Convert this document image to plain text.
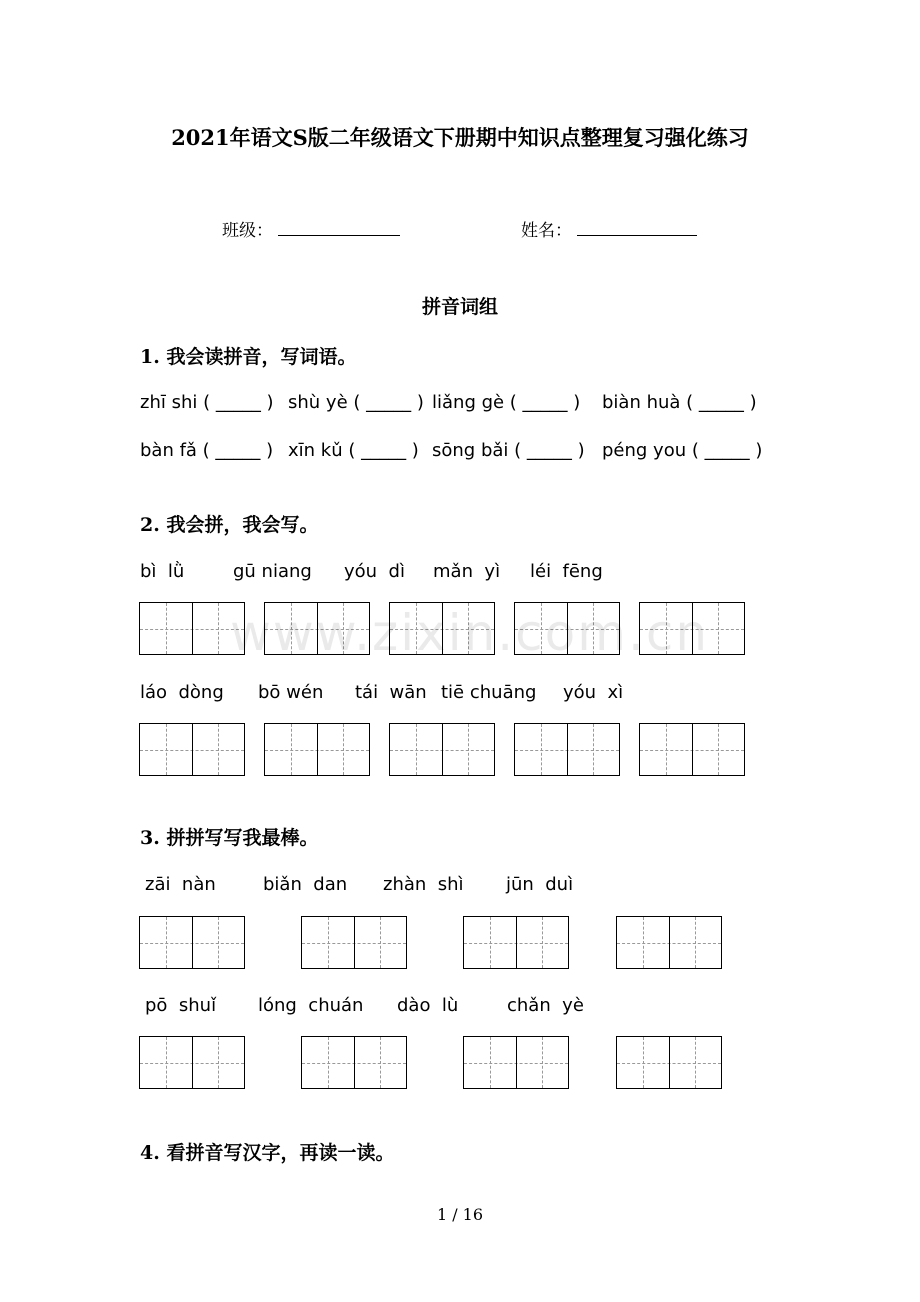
2021年语文S版二年级语文下册期中知识点整理复习强化练习
班级：	姓名：
拼音词组
1. 我会读拼音，写词语。
zhī shi ( _____ ) shù yè ( _____ ) liǎng gè ( _____ ) biàn huà ( _____ )
bàn fǎ ( _____ ) xīn kǔ ( _____ ) sōng bǎi ( _____ ) péng you ( _____ )
2. 我会拼，我会写。
bì  lǜ	gū niang yóu  dì mǎn  yì léi  fēng
láo  dòng bō wén tái  wān tiē chuāng yóu  xì
3. 拼拼写写我最棒。
zāi  nàn	biǎn  dan zhàn  shì jūn  duì
pō  shuǐ lóng  chuán dào  lù	chǎn  yè
4. 看拼音写汉字，再读一读。
www.zixin.com.cn
1 / 16
